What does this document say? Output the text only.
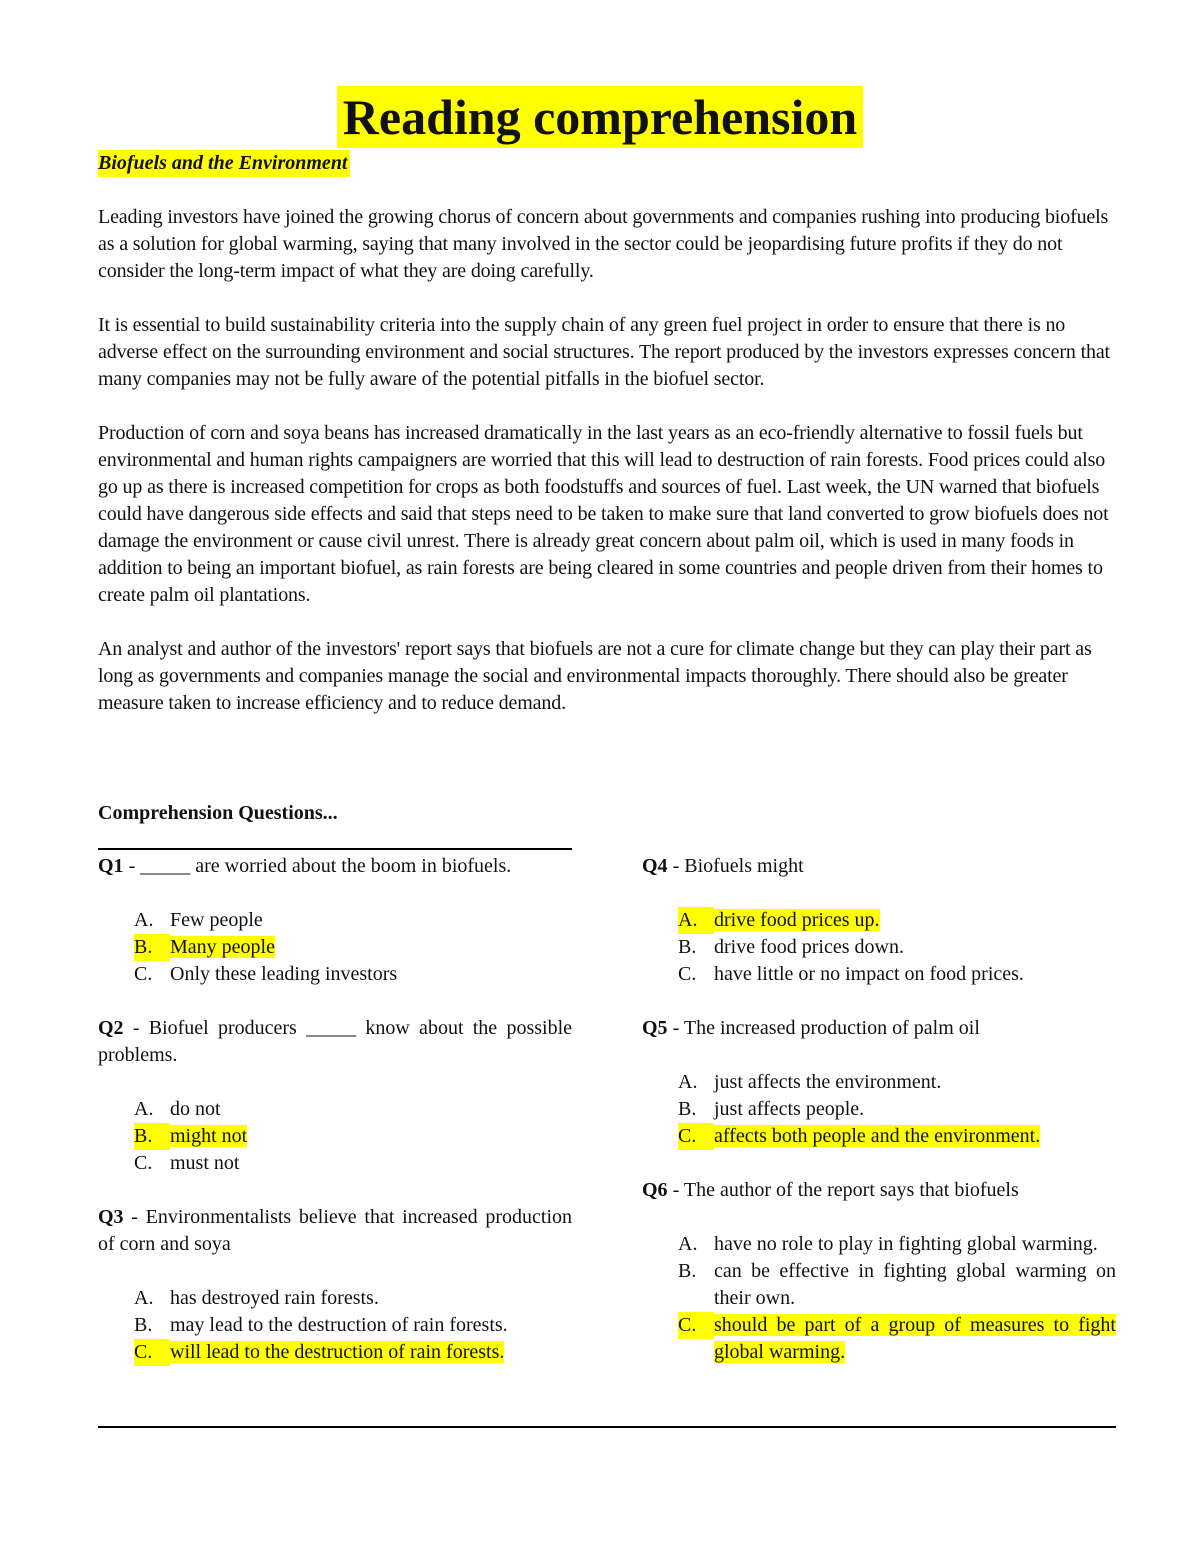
Reading comprehension
Biofuels and the Environment

Leading investors have joined the growing chorus of concern about governments and companies rushing into producing biofuels as a solution for global warming, saying that many involved in the sector could be jeopardising future profits if they do not consider the long-term impact of what they are doing carefully.

It is essential to build sustainability criteria into the supply chain of any green fuel project in order to ensure that there is no adverse effect on the surrounding environment and social structures. The report produced by the investors expresses concern that many companies may not be fully aware of the potential pitfalls in the biofuel sector.

Production of corn and soya beans has increased dramatically in the last years as an eco-friendly alternative to fossil fuels but environmental and human rights campaigners are worried that this will lead to destruction of rain forests. Food prices could also go up as there is increased competition for crops as both foodstuffs and sources of fuel. Last week, the UN warned that biofuels could have dangerous side effects and said that steps need to be taken to make sure that land converted to grow biofuels does not damage the environment or cause civil unrest. There is already great concern about palm oil, which is used in many foods in addition to being an important biofuel, as rain forests are being cleared in some countries and people driven from their homes to create palm oil plantations.

An analyst and author of the investors' report says that biofuels are not a cure for climate change but they can play their part as long as governments and companies manage the social and environmental impacts thoroughly. There should also be greater measure taken to increase efficiency and to reduce demand.

Comprehension Questions...

Q1 - _____ are worried about the boom in biofuels.

A. Few people
B. Many people
C. Only these leading investors

Q2 - Biofuel producers _____ know about the possible problems.

A. do not
B. might not
C. must not

Q3 - Environmentalists believe that increased production of corn and soya

A. has destroyed rain forests.
B. may lead to the destruction of rain forests.
C. will lead to the destruction of rain forests.

Q4 - Biofuels might

A. drive food prices up.
B. drive food prices down.
C. have little or no impact on food prices.

Q5 - The increased production of palm oil

A. just affects the environment.
B. just affects people.
C. affects both people and the environment.

Q6 - The author of the report says that biofuels

A. have no role to play in fighting global warming.
B. can be effective in fighting global warming on their own.
C. should be part of a group of measures to fight global warming.
